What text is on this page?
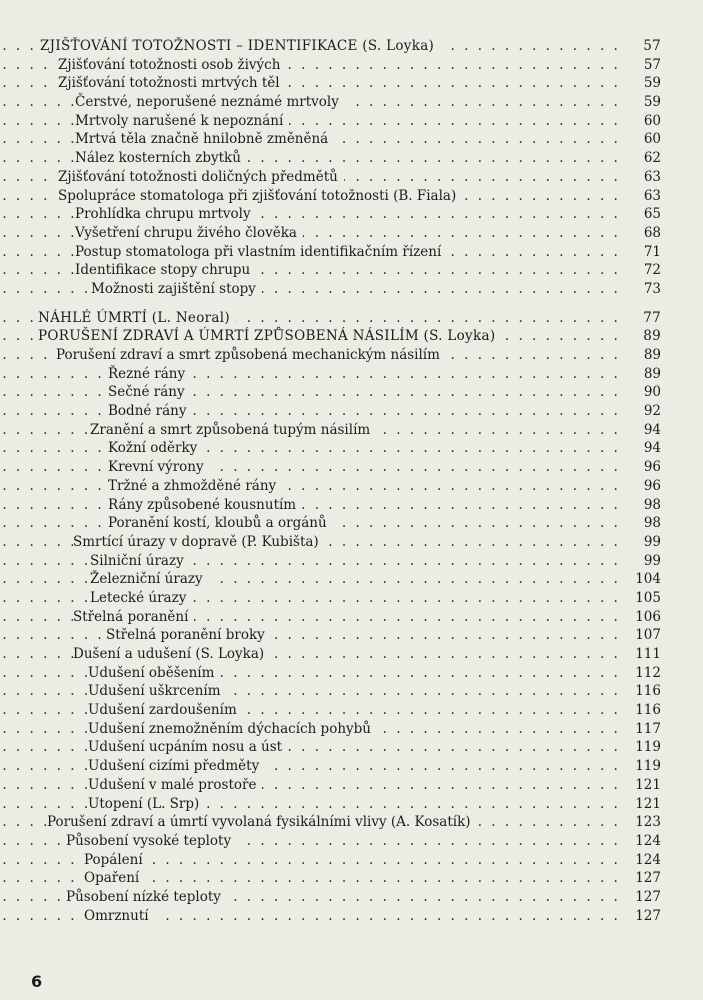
. . .
ZJIŠŤOVÁNÍ TOTOŽNOSTI – IDENTIFIKACE (S. Loyka)	57
. . .
Zjišťování totožnosti osob živých	57
. . .
Zjišťování totožnosti mrtvých těl	59
. . .
Čerstvé, neporušené neznámé mrtvoly	59
. . .
Mrtvoly narušené k nepoznání	60
. . .
Mrtvá těla značně hnilobně změněná	60
. . .
Nález kosterních zbytků	62
. . .
Zjišťování totožnosti doličných předmětů	63
. . .
Spolupráce stomatologa při zjišťování totožnosti (B. Fiala)	63
. . .
Prohlídka chrupu mrtvoly	65
. . .
Vyšetření chrupu živého člověka	68
. . .
Postup stomatologa při vlastním identifikačním řízení	71
. . .
Identifikace stopy chrupu	72
. . .
Možnosti zajištění stopy	73
. . .
NÁHLÉ ÚMRTÍ (L. Neoral)	77
. . .
PORUŠENÍ ZDRAVÍ A ÚMRTÍ ZPŮSOBENÁ NÁSILÍM (S. Loyka)	89
. . .
Porušení zdraví a smrt způsobená mechanickým násilím	89
. . .
Řezné rány	89
. . .
Sečné rány	90
. . .
Bodné rány	92
. . .
Zranění a smrt způsobená tupým násilím	94
. . .
Kožní oděrky	94
. . .
Krevní výrony	96
. . .
Tržné a zhmožděné rány	96
. . .
Rány způsobené kousnutím	98
. . .
Poranění kostí, kloubů a orgánů	98
. . .
Smrtící úrazy v dopravě (P. Kubišta)	99
. . .
Silniční úrazy	99
. . .
Železniční úrazy	104
. . .
Letecké úrazy	105
. . .
Střelná poranění	106
. . .
Střelná poranění broky	107
. . .
Dušení a udušení (S. Loyka)	111
. . .
Udušení oběšením	112
. . .
Udušení uškrcením	116
. . .
Udušení zardoušením	116
. . .
Udušení znemožněním dýchacích pohybů	117
. . .
Udušení ucpáním nosu a úst	119
. . .
Udušení cizími předměty	119
. . .
Udušení v malé prostoře	121
. . .
Utopení (L. Srp)	121
. . .
Porušení zdraví a úmrtí vyvolaná fysikálními vlivy (A. Kosatík)	123
. . .
Působení vysoké teploty	124
. . .
Popálení	124
. . .
Opaření	127
. . .
Působení nízké teploty	127
. . .
Omrznutí	127
6
